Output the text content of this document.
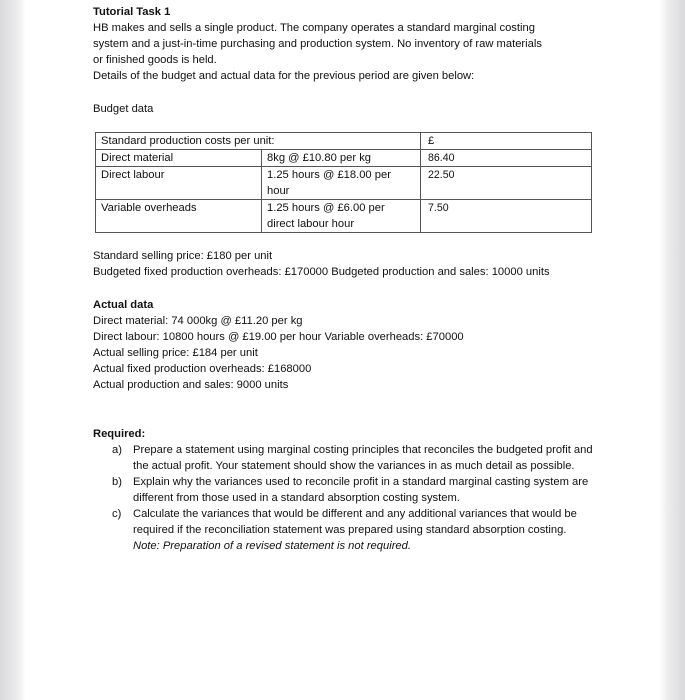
Tutorial Task 1

HB makes and sells a single product. The company operates a standard marginal costing

system and a just-in-time purchasing and production system. No inventory of raw materials

or finished goods is held.

Details of the budget and actual data for the previous period are given below:

Budget data
Standard production costs per unit:		£
Direct material	8kg @ £10.80 per kg	86.40
Direct labour	1.25 hours @ £18.00 per hour	22.50
Variable overheads	1.25 hours @ £6.00 per direct labour hour	7.50
Standard selling price: £180 per unit
Budgeted fixed production overheads: £170000 Budgeted production and sales: 10000 units
Actual data
Direct material: 74 000kg @ £11.20 per kg
Direct labour: 10800 hours @ £19.00 per hour Variable overheads: £70000
Actual selling price: £184 per unit
Actual fixed production overheads: £168000
Actual production and sales: 9000 units
Required:
a) Prepare a statement using marginal costing principles that reconciles the budgeted profit and the actual profit. Your statement should show the variances in as much detail as possible.
b) Explain why the variances used to reconcile profit in a standard marginal casting system are different from those used in a standard absorption costing system.
c) Calculate the variances that would be different and any additional variances that would be required if the reconciliation statement was prepared using standard absorption costing. Note: Preparation of a revised statement is not required.
